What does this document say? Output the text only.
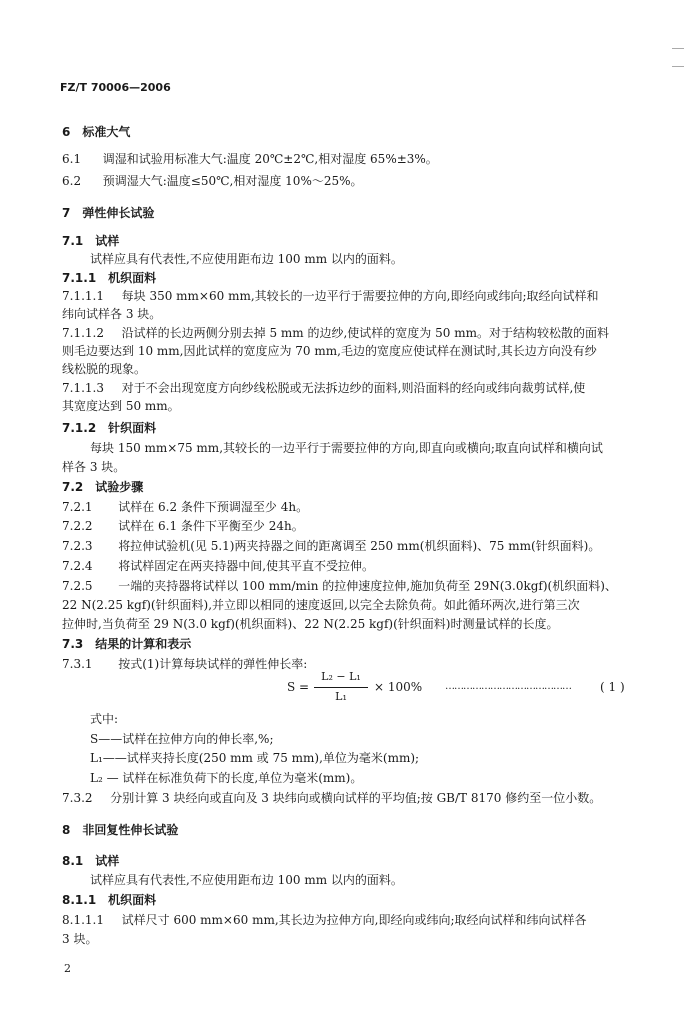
FZ/T 70006—2006
6　标准大气
6.1 调湿和试验用标准大气:温度 20℃±2℃,相对湿度 65%±3%。
6.2 预调湿大气:温度≤50℃,相对湿度 10%～25%。
7　弹性伸长试验
7.1　试样
试样应具有代表性,不应使用距布边 100 mm 以内的面料。
7.1.1　机织面料
7.1.1.1 每块 350 mm×60 mm,其较长的一边平行于需要拉伸的方向,即经向或纬向;取经向试样和
纬向试样各 3 块。
7.1.1.2 沿试样的长边两侧分别去掉 5 mm 的边纱,使试样的宽度为 50 mm。对于结构较松散的面料
则毛边要达到 10 mm,因此试样的宽度应为 70 mm,毛边的宽度应使试样在测试时,其长边方向没有纱
线松脱的现象。
7.1.1.3 对于不会出现宽度方向纱线松脱或无法拆边纱的面料,则沿面料的经向或纬向裁剪试样,使
其宽度达到 50 mm。
7.1.2　针织面料
每块 150 mm×75 mm,其较长的一边平行于需要拉伸的方向,即直向或横向;取直向试样和横向试
样各 3 块。
7.2　试验步骤
7.2.1 试样在 6.2 条件下预调湿至少 4h。
7.2.2 试样在 6.1 条件下平衡至少 24h。
7.2.3 将拉伸试验机(见 5.1)两夹持器之间的距离调至 250 mm(机织面料)、75 mm(针织面料)。
7.2.4 将试样固定在两夹持器中间,使其平直不受拉伸。
7.2.5 一端的夹持器将试样以 100 mm/min 的拉伸速度拉伸,施加负荷至 29N(3.0kgf)(机织面料)、
22 N(2.25 kgf)(针织面料),并立即以相同的速度返回,以完全去除负荷。如此循环两次,进行第三次
拉伸时,当负荷至 29 N(3.0 kgf)(机织面料)、22 N(2.25 kgf)(针织面料)时测量试样的长度。
7.3　结果的计算和表示
7.3.1 按式(1)计算每块试样的弹性伸长率:
S =
L₂ − L₁
L₁
× 100% …………………………………… ( 1 )
式中:
S——试样在拉伸方向的伸长率,%;
L₁——试样夹持长度(250 mm 或 75 mm),单位为毫米(mm);
L₂ — 试样在标准负荷下的长度,单位为毫米(mm)。
7.3.2 分别计算 3 块经向或直向及 3 块纬向或横向试样的平均值;按 GB/T 8170 修约至一位小数。
8　非回复性伸长试验
8.1　试样
试样应具有代表性,不应使用距布边 100 mm 以内的面料。
8.1.1　机织面料
8.1.1.1 试样尺寸 600 mm×60 mm,其长边为拉伸方向,即经向或纬向;取经向试样和纬向试样各
3 块。
2
